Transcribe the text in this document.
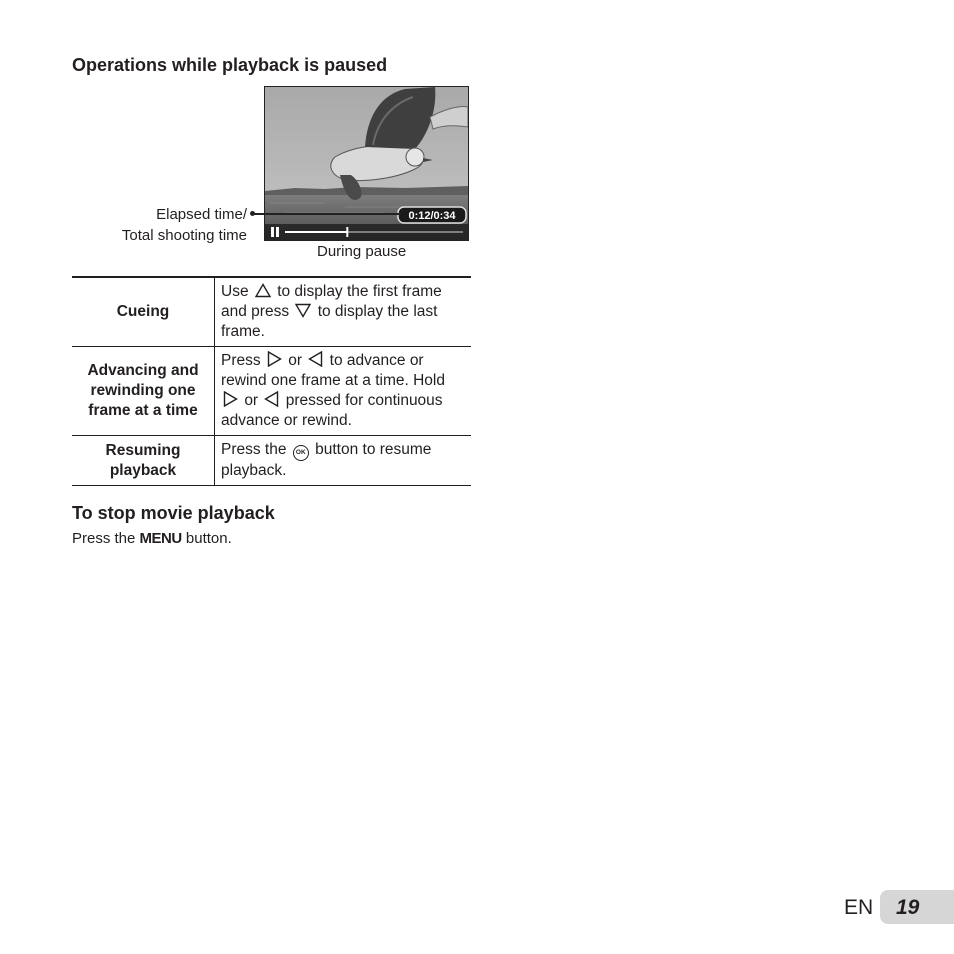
Operations while playback is paused
0:12/0:34
Elapsed time/
Total shooting time
During pause
Cueing	Use to display the first frame and press to display the last frame.
Advancing and rewinding one frame at a time	Press or to advance or rewind one frame at a time. Hold  or pressed for continuous advance or rewind.
Resuming playback	Press the OK button to resume playback.
To stop movie playback
Press the MENU button.
EN 19
